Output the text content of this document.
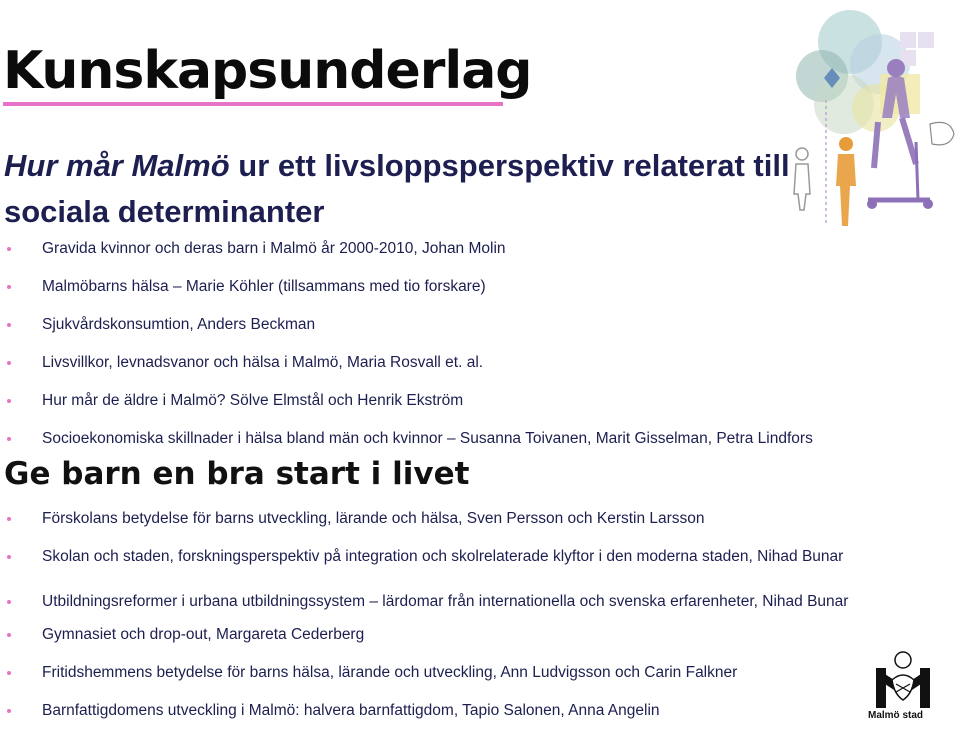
Kunskapsunderlag
Hur mår Malmö ur ett livsloppsperspektiv relaterat till sociala determinanter
Gravida kvinnor och deras barn i Malmö år 2000-2010, Johan Molin
Malmöbarns hälsa – Marie Köhler (tillsammans med tio forskare)
Sjukvårdskonsumtion, Anders Beckman
Livsvillkor, levnadsvanor och hälsa i Malmö, Maria Rosvall et. al.
Hur mår de äldre i Malmö? Sölve Elmstål och Henrik Ekström
Socioekonomiska skillnader i hälsa bland män och kvinnor – Susanna Toivanen, Marit Gisselman, Petra Lindfors
Ge barn en bra start i livet
Förskolans betydelse för barns utveckling, lärande och hälsa, Sven Persson och Kerstin Larsson
Skolan och staden, forskningsperspektiv på integration och skolrelaterade klyftor i den moderna staden, Nihad Bunar
Utbildningsreformer i urbana utbildningssystem – lärdomar från internationella och svenska erfarenheter, Nihad Bunar
Gymnasiet och drop-out, Margareta Cederberg
Fritidshemmens betydelse för barns hälsa, lärande och utveckling, Ann Ludvigsson och Carin Falkner
Barnfattigdomens utveckling i Malmö: halvera barnfattigdom, Tapio Salonen, Anna Angelin	Malmö stad
